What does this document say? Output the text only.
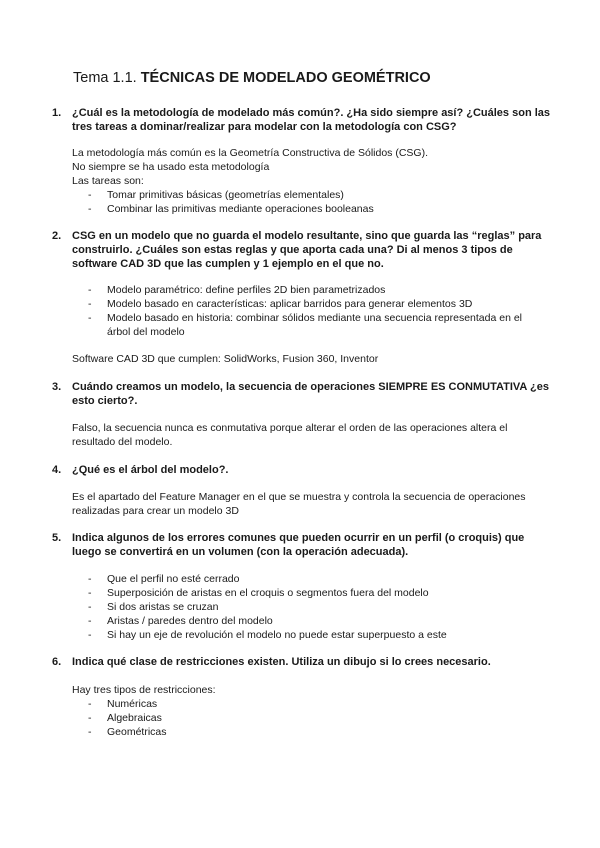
Tema 1.1. TÉCNICAS DE MODELADO GEOMÉTRICO
1. ¿Cuál es la metodología de modelado más común?. ¿Ha sido siempre así? ¿Cuáles son las tres tareas a dominar/realizar para modelar con la metodología con CSG?
La metodología más común es la Geometría Constructiva de Sólidos (CSG).
No siempre se ha usado esta metodología
Las tareas son:
- Tomar primitivas básicas (geometrías elementales)
- Combinar las primitivas mediante operaciones booleanas
2. CSG en un modelo que no guarda el modelo resultante, sino que guarda las “reglas” para construirlo. ¿Cuáles son estas reglas y que aporta cada una? Di al menos 3 tipos de software CAD 3D que las cumplen y 1 ejemplo en el que no.
- Modelo paramétrico: define perfiles 2D bien parametrizados
- Modelo basado en características: aplicar barridos para generar elementos 3D
- Modelo basado en historia: combinar sólidos mediante una secuencia representada en el árbol del modelo
Software CAD 3D que cumplen: SolidWorks, Fusion 360, Inventor
3. Cuándo creamos un modelo, la secuencia de operaciones SIEMPRE ES CONMUTATIVA ¿es esto cierto?.
Falso, la secuencia nunca es conmutativa porque alterar el orden de las operaciones altera el resultado del modelo.
4. ¿Qué es el árbol del modelo?.
Es el apartado del Feature Manager en el que se muestra y controla la secuencia de operaciones realizadas para crear un modelo 3D
5. Indica algunos de los errores comunes que pueden ocurrir en un perfil (o croquis) que luego se convertirá en un volumen (con la operación adecuada).
- Que el perfil no esté cerrado
- Superposición de aristas en el croquis o segmentos fuera del modelo
- Si dos aristas se cruzan
- Aristas / paredes dentro del modelo
- Si hay un eje de revolución el modelo no puede estar superpuesto a este
6. Indica qué clase de restricciones existen. Utiliza un dibujo si lo crees necesario.
Hay tres tipos de restricciones:
- Numéricas
- Algebraicas
- Geométricas
